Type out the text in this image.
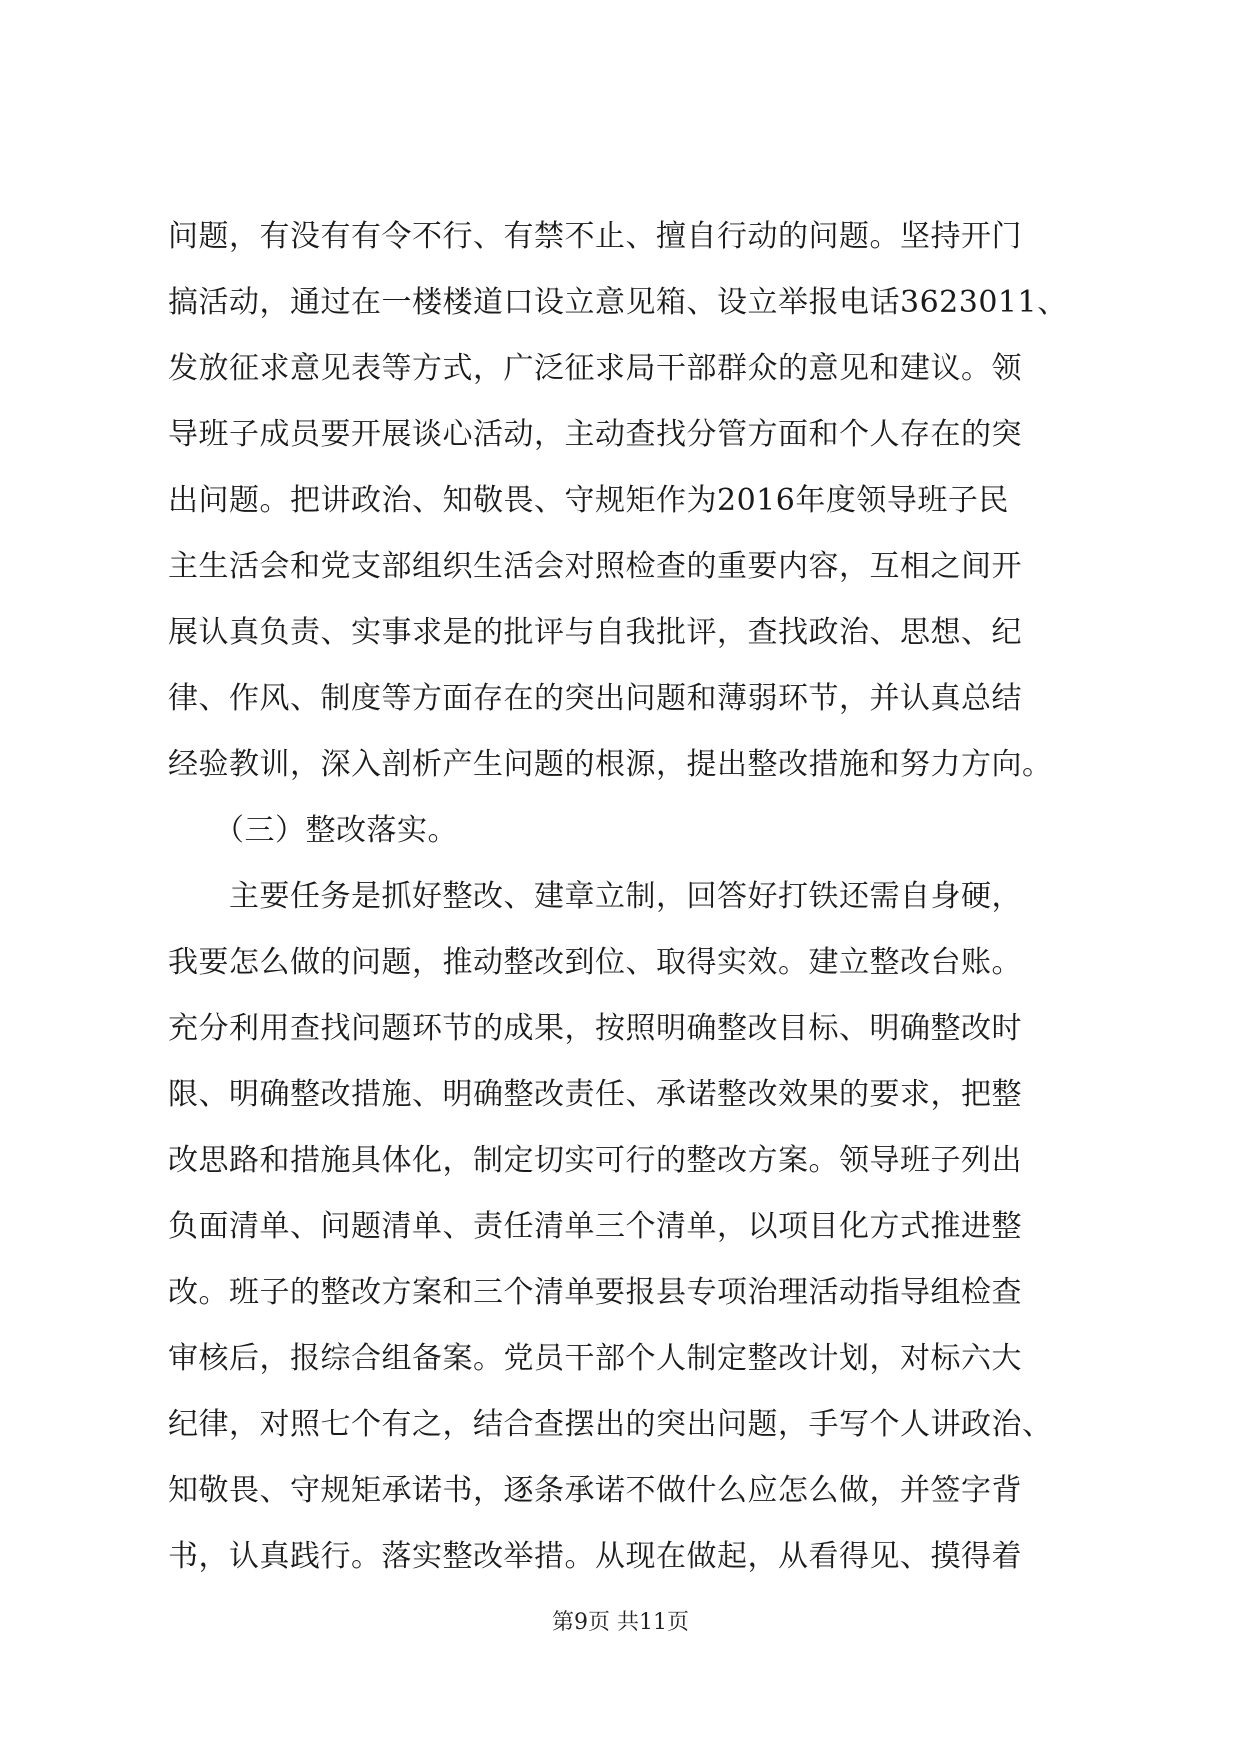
问题，有没有有令不行、有禁不止、擅自行动的问题。坚持开门
搞活动，通过在一楼楼道口设立意见箱、设立举报电话3623011、
发放征求意见表等方式，广泛征求局干部群众的意见和建议。领
导班子成员要开展谈心活动，主动查找分管方面和个人存在的突
出问题。把讲政治、知敬畏、守规矩作为2016年度领导班子民
主生活会和党支部组织生活会对照检查的重要内容，互相之间开
展认真负责、实事求是的批评与自我批评，查找政治、思想、纪
律、作风、制度等方面存在的突出问题和薄弱环节，并认真总结
经验教训，深入剖析产生问题的根源，提出整改措施和努力方向。
　　（三）整改落实。
　　主要任务是抓好整改、建章立制，回答好打铁还需自身硬，
我要怎么做的问题，推动整改到位、取得实效。建立整改台账。
充分利用查找问题环节的成果，按照明确整改目标、明确整改时
限、明确整改措施、明确整改责任、承诺整改效果的要求，把整
改思路和措施具体化，制定切实可行的整改方案。领导班子列出
负面清单、问题清单、责任清单三个清单，以项目化方式推进整
改。班子的整改方案和三个清单要报县专项治理活动指导组检查
审核后，报综合组备案。党员干部个人制定整改计划，对标六大
纪律，对照七个有之，结合查摆出的突出问题，手写个人讲政治、
知敬畏、守规矩承诺书，逐条承诺不做什么应怎么做，并签字背
书，认真践行。落实整改举措。从现在做起，从看得见、摸得着
第9页 共11页
